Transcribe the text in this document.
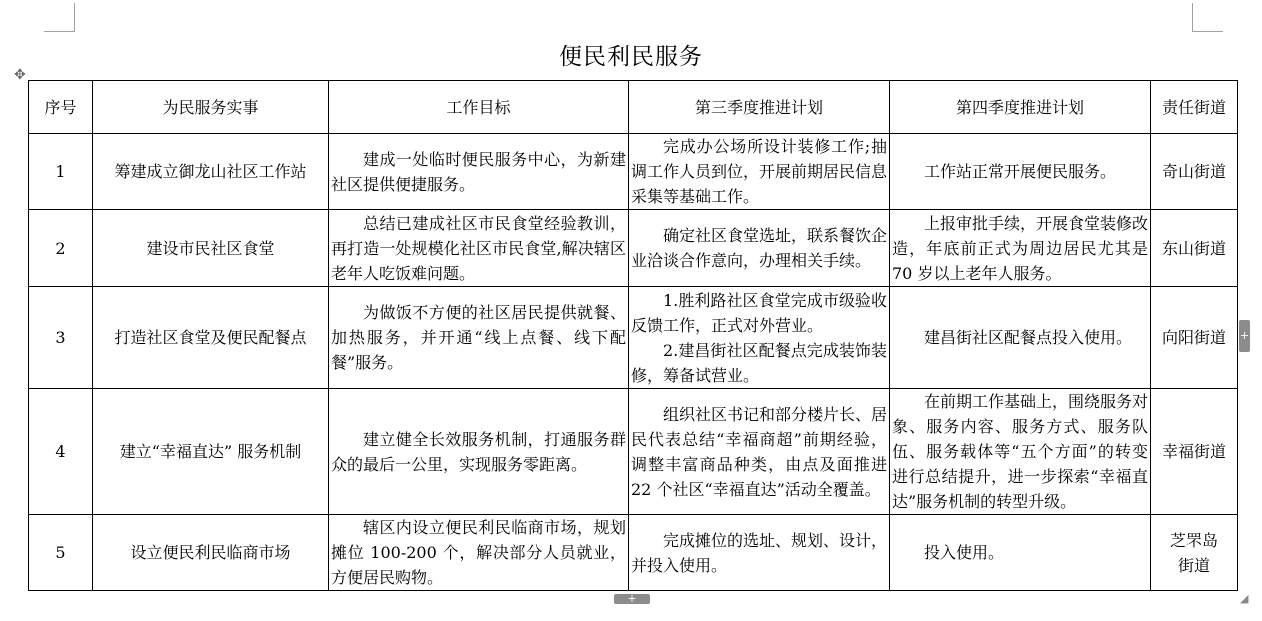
✥
便民利民服务
序号	为民服务实事	工作目标	第三季度推进计划	第四季度推进计划	责任街道
1	筹建成立御龙山社区工作站	建成一处临时便民服务中心，为新建社区提供便捷服务。	完成办公场所设计装修工作;抽调工作人员到位，开展前期居民信息采集等基础工作。	工作站正常开展便民服务。	奇山街道
2	建设市民社区食堂	总结已建成社区市民食堂经验教训，再打造一处规模化社区市民食堂,解决辖区老年人吃饭难问题。	确定社区食堂选址，联系餐饮企业洽谈合作意向，办理相关手续。	上报审批手续，开展食堂装修改造，年底前正式为周边居民尤其是 70 岁以上老年人服务。	东山街道
3	打造社区食堂及便民配餐点	为做饭不方便的社区居民提供就餐、加热服务，并开通“线上点餐、线下配餐”服务。	1.胜利路社区食堂完成市级验收反馈工作，正式对外营业。
2.建昌街社区配餐点完成装饰装修，筹备试营业。	建昌街社区配餐点投入使用。	向阳街道
4	建立“幸福直达” 服务机制	建立健全长效服务机制，打通服务群众的最后一公里，实现服务零距离。	组织社区书记和部分楼片长、居民代表总结“幸福商超”前期经验，调整丰富商品种类，由点及面推进 22 个社区“幸福直达”活动全覆盖。	在前期工作基础上，围绕服务对象、服务内容、服务方式、服务队伍、服务载体等“五个方面”的转变进行总结提升，进一步探索“幸福直达”服务机制的转型升级。	幸福街道
5	设立便民利民临商市场	辖区内设立便民利民临商市场，规划摊位 100-200 个，解决部分人员就业，方便居民购物。	完成摊位的选址、规划、设计，并投入使用。	投入使用。	芝罘岛街道
+
+	◢
